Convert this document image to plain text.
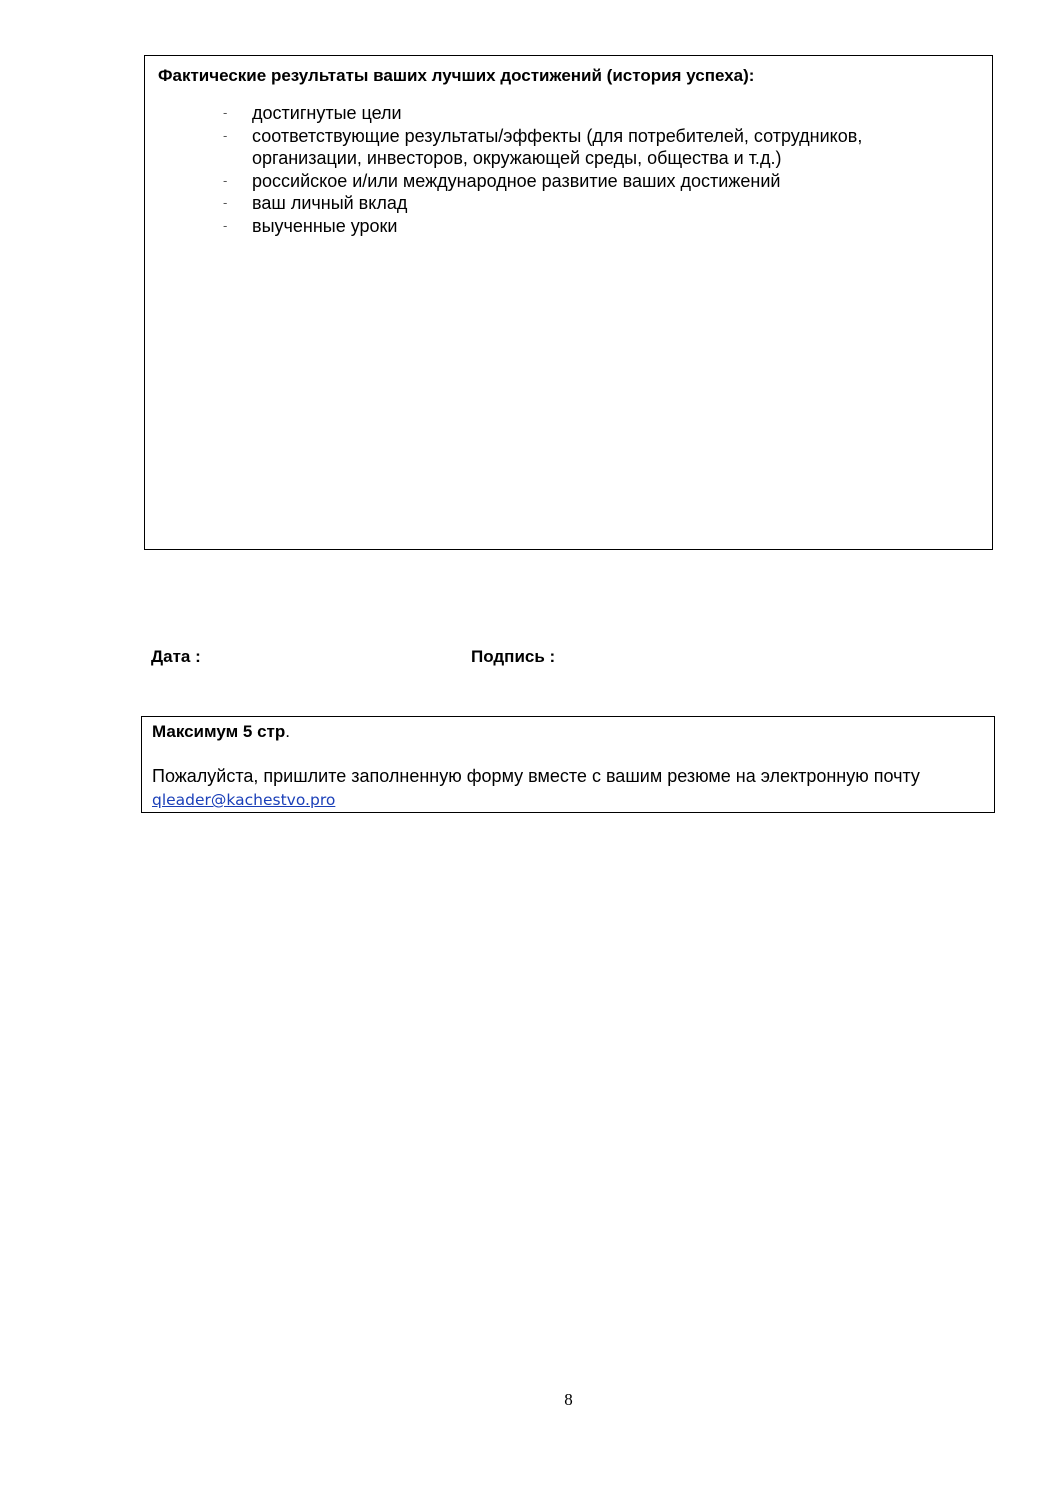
Фактические результаты ваших лучших достижений (история успеха):
- достигнутые цели
- соответствующие результаты/эффекты (для потребителей, сотрудников, организации, инвесторов, окружающей среды, общества и т.д.)
- российское и/или международное развитие ваших достижений
- ваш личный вклад
- выученные уроки
Дата :	Подпись :
Максимум 5 стр.
Пожалуйста, пришлите заполненную форму вместе с вашим резюме на электронную почту qleader@kachestvo.pro
8
